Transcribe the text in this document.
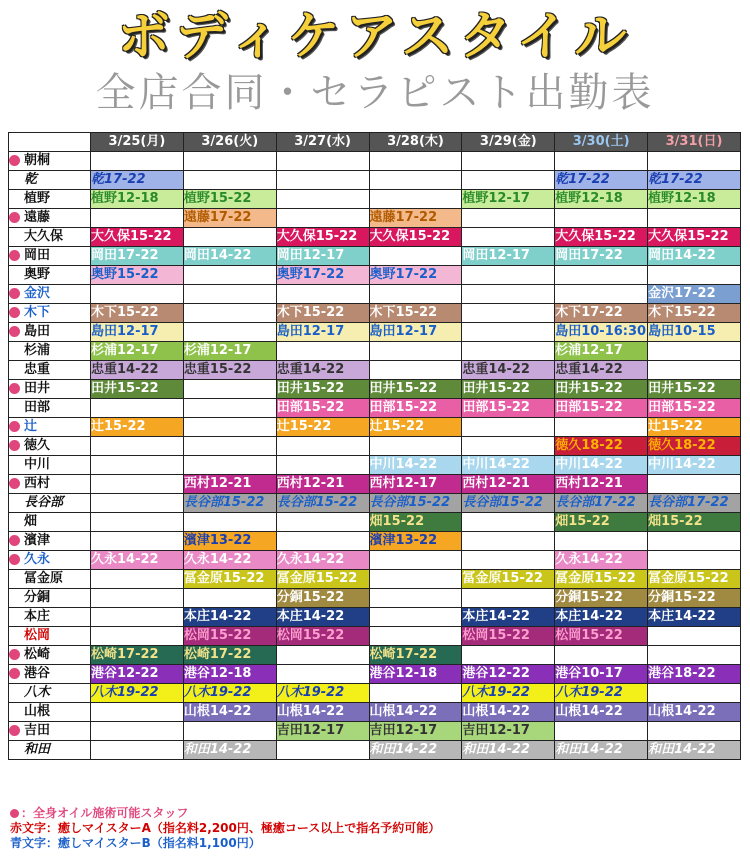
ボディケアスタイル
全店合同・セラピスト出勤表
	3/25(月)	3/26(火)	3/27(水)	3/28(木)	3/29(金)	3/30(土)	3/31(日)
朝桐							
乾	乾17-22					乾17-22	乾17-22
植野	植野12-18	植野15-22			植野12-17	植野12-18	植野12-18
遠藤		遠藤17-22		遠藤17-22			
大久保	大久保15-22		大久保15-22	大久保15-22		大久保15-22	大久保15-22
岡田	岡田17-22	岡田14-22	岡田12-17		岡田12-17	岡田17-22	岡田14-22
奥野	奥野15-22		奥野17-22	奥野17-22			
金沢							金沢17-22
木下	木下15-22		木下15-22	木下15-22		木下17-22	木下15-22
島田	島田12-17		島田12-17	島田12-17		島田10-16:30	島田10-15
杉浦	杉浦12-17	杉浦12-17				杉浦12-17	
忠重	忠重14-22	忠重15-22	忠重14-22		忠重14-22	忠重14-22	
田井	田井15-22		田井15-22	田井15-22	田井15-22	田井15-22	田井15-22
田部			田部15-22	田部15-22	田部15-22	田部15-22	田部15-22
辻	辻15-22		辻15-22	辻15-22			辻15-22
徳久						徳久18-22	徳久18-22
中川				中川14-22	中川14-22	中川14-22	中川14-22
西村		西村12-21	西村12-21	西村12-17	西村12-21	西村12-21	
長谷部		長谷部15-22	長谷部15-22	長谷部15-22	長谷部15-22	長谷部17-22	長谷部17-22
畑				畑15-22		畑15-22	畑15-22
濱津		濱津13-22		濱津13-22			
久永	久永14-22	久永14-22	久永14-22			久永14-22	
冨金原		冨金原15-22	冨金原15-22		冨金原15-22	冨金原15-22	冨金原15-22
分銅			分銅15-22			分銅15-22	分銅15-22
本庄		本庄14-22	本庄14-22		本庄14-22	本庄14-22	本庄14-22
松岡		松岡15-22	松岡15-22		松岡15-22	松岡15-22	
松崎	松崎17-22	松崎17-22		松崎17-22			
港谷	港谷12-22	港谷12-18		港谷12-18	港谷12-22	港谷10-17	港谷18-22
八木	八木19-22	八木19-22	八木19-22		八木19-22	八木19-22	
山根		山根14-22	山根14-22	山根14-22	山根14-22	山根14-22	山根14-22
吉田			吉田12-17	吉田12-17	吉田12-17		
和田		和田14-22		和田14-22	和田14-22	和田14-22	和田14-22
：全身オイル施術可能スタッフ
赤文字：癒しマイスターA（指名料2,200円、極癒コース以上で指名予約可能）
青文字：癒しマイスターB（指名料1,100円）
